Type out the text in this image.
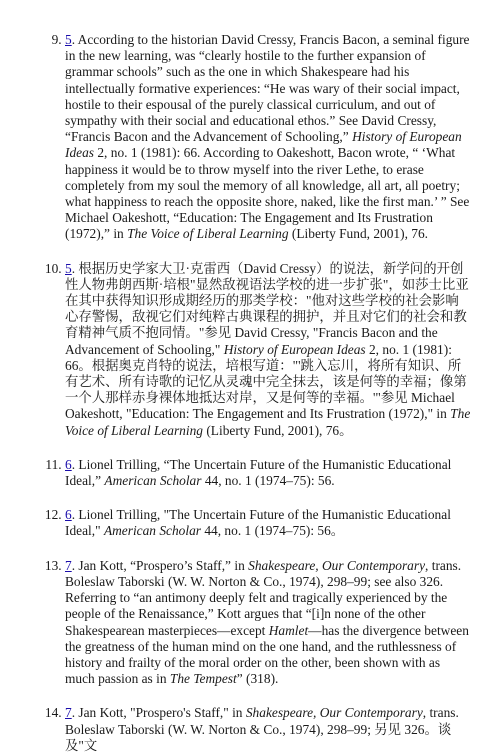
9. 5. According to the historian David Cressy, Francis Bacon, a seminal figure in the new learning, was “clearly hostile to the further expansion of grammar schools” such as the one in which Shakespeare had his intellectually formative experiences: “He was wary of their social impact, hostile to their espousal of the purely classical curriculum, and out of sympathy with their social and educational ethos.” See David Cressy, “Francis Bacon and the Advancement of Schooling,” History of European Ideas 2, no. 1 (1981): 66. According to Oakeshott, Bacon wrote, “ ‘What happiness it would be to throw myself into the river Lethe, to erase completely from my soul the memory of all knowledge, all art, all poetry; what happiness to reach the opposite shore, naked, like the first man.’ ” See Michael Oakeshott, “Education: The Engagement and Its Frustration (1972),” in The Voice of Liberal Learning (Liberty Fund, 2001), 76.
10. 5. 根据历史学家大卫·克雷西（David Cressy）的说法，新学问的开创性人物弗朗西斯·培根"显然敌视语法学校的进一步扩张"，如莎士比亚在其中获得知识形成期经历的那类学校："他对这些学校的社会影响心存警惕，敌视它们对纯粹古典课程的拥护，并且对它们的社会和教育精神气质不抱同情。"参见 David Cressy, "Francis Bacon and the Advancement of Schooling," History of European Ideas 2, no. 1 (1981): 66。根据奥克肖特的说法，培根写道："'跳入忘川，将所有知识、所有艺术、所有诗歌的记忆从灵魂中完全抹去，该是何等的幸福；像第一个人那样赤身裸体地抵达对岸，又是何等的幸福。'"参见 Michael Oakeshott, "Education: The Engagement and Its Frustration (1972)," in The Voice of Liberal Learning (Liberty Fund, 2001), 76。
11. 6. Lionel Trilling, “The Uncertain Future of the Humanistic Educational Ideal,” American Scholar 44, no. 1 (1974–75): 56.
12. 6. Lionel Trilling, "The Uncertain Future of the Humanistic Educational Ideal," American Scholar 44, no. 1 (1974–75): 56。
13. 7. Jan Kott, “Prospero’s Staff,” in Shakespeare, Our Contemporary, trans. Boleslaw Taborski (W. W. Norton & Co., 1974), 298–99; see also 326. Referring to “an antimony deeply felt and tragically experienced by the people of the Renaissance,” Kott argues that “[i]n none of the other Shakespearean masterpieces—except Hamlet—has the divergence between the greatness of the human mind on the one hand, and the ruthlessness of history and frailty of the moral order on the other, been shown with as much passion as in The Tempest” (318).
14. 7. Jan Kott, "Prospero's Staff," in Shakespeare, Our Contemporary, trans. Boleslaw Taborski (W. W. Norton & Co., 1974), 298–99; 另见 326。谈及"文
